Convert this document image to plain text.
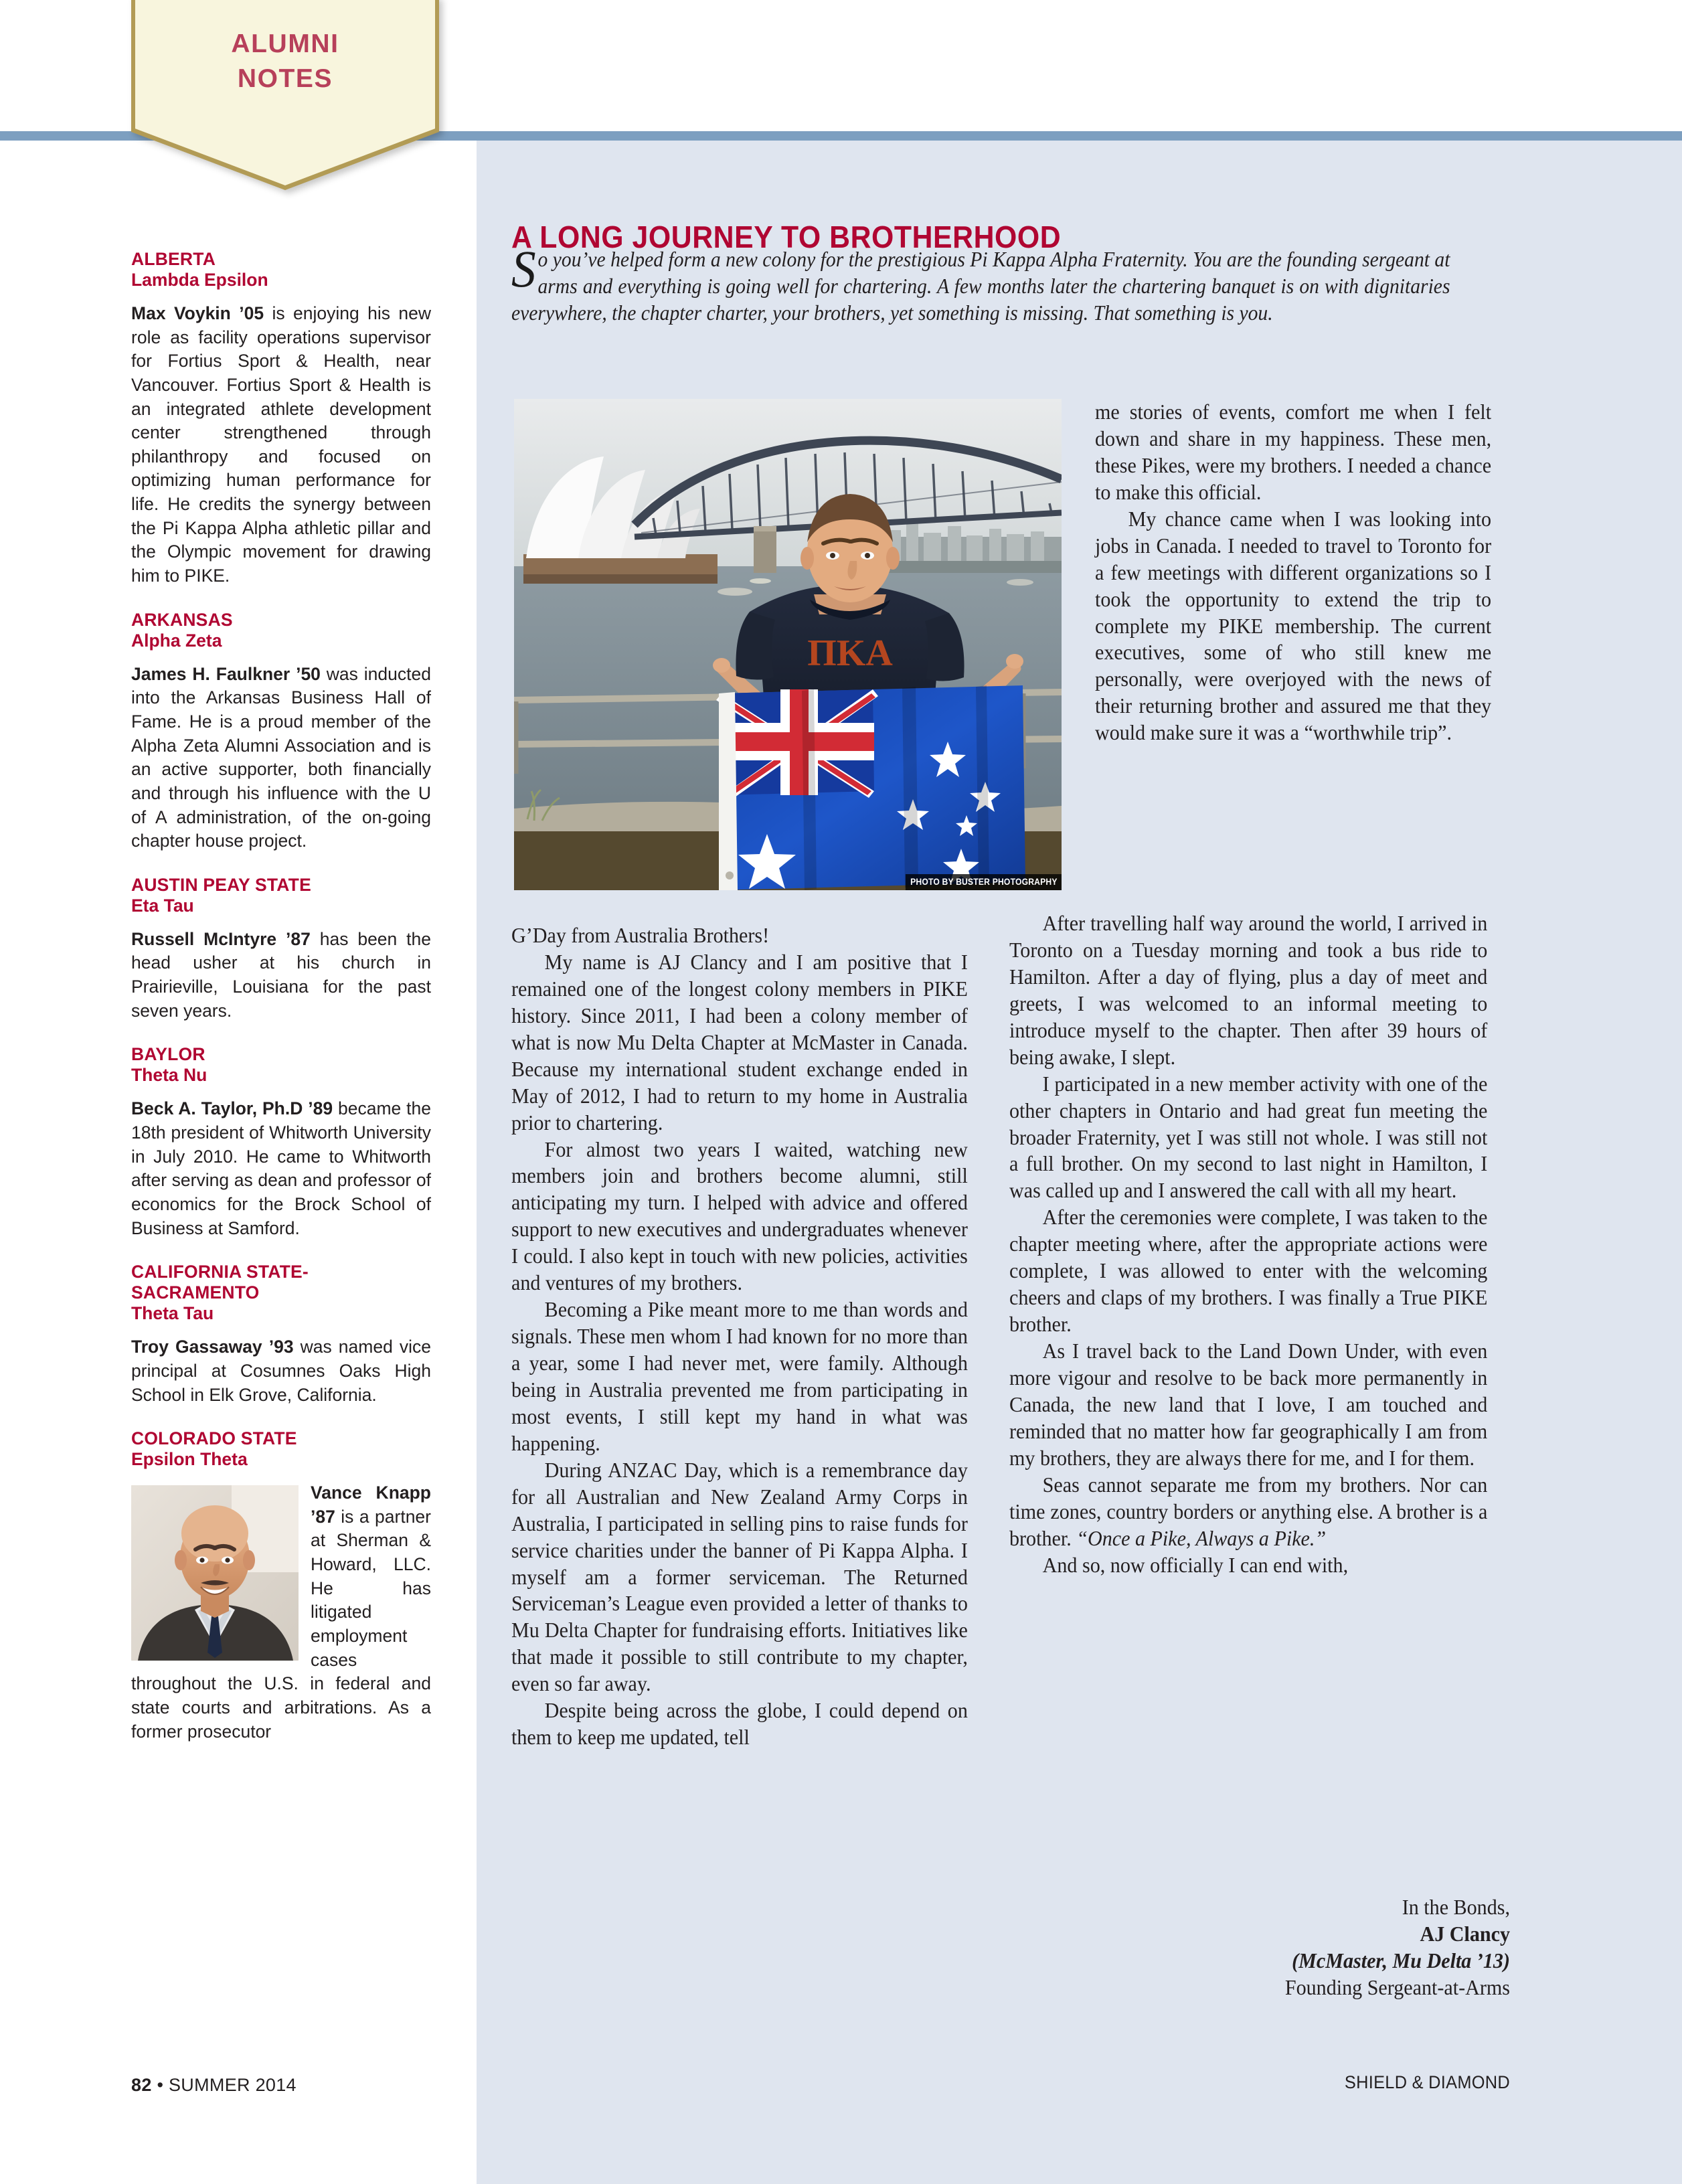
ALUMNI
NOTES
ALBERTA
Lambda Epsilon

Max Voykin ’05 is enjoying his new role as facility operations supervisor for Fortius Sport & Health, near Vancouver. Fortius Sport & Health is an integrated athlete development center strengthened through philanthropy and focused on optimizing human performance for life. He credits the synergy between the Pi Kappa Alpha athletic pillar and the Olympic movement for drawing him to PIKE.

ARKANSAS
Alpha Zeta

James H. Faulkner ’50 was inducted into the Arkansas Business Hall of Fame. He is a proud member of the Alpha Zeta Alumni Association and is an active supporter, both financially and through his influence with the U of A administration, of the on-going chapter house project.

AUSTIN PEAY STATE
Eta Tau

Russell McIntyre ’87 has been the head usher at his church in Prairieville, Louisiana for the past seven years.

BAYLOR
Theta Nu

Beck A. Taylor, Ph.D ’89 became the 18th president of Whitworth University in July 2010. He came to Whitworth after serving as dean and professor of economics for the Brock School of Business at Samford.

CALIFORNIA STATE-SACRAMENTO
Theta Tau

Troy Gassaway ’93 was named vice principal at Cosumnes Oaks High School in Elk Grove, California.

COLORADO STATE
Epsilon Theta

Vance Knapp ’87 is a partner at Sherman & Howard, LLC. He has litigated employment cases throughout the U.S. in federal and state courts and arbitrations. As a former prosecutor

82 • SUMMER 2014
A LONG JOURNEY TO BROTHERHOOD
So you’ve helped form a new colony for the prestigious Pi Kappa Alpha Fraternity. You are the founding sergeant at arms and everything is going well for chartering. A few months later the chartering banquet is on with dignitaries everywhere, the chapter charter, your brothers, yet something is missing. That something is you.
ΠΚΑ
PHOTO BY BUSTER PHOTOGRAPHY

G’Day from Australia Brothers!

My name is AJ Clancy and I am positive that I remained one of the longest colony members in PIKE history. Since 2011, I had been a colony member of what is now Mu Delta Chapter at McMaster in Canada. Because my international student exchange ended in May of 2012, I had to return to my home in Australia prior to chartering.

For almost two years I waited, watching new members join and brothers become alumni, still anticipating my turn. I helped with advice and offered support to new executives and undergraduates whenever I could. I also kept in touch with new policies, activities and ventures of my brothers.

Becoming a Pike meant more to me than words and signals. These men whom I had known for no more than a year, some I had never met, were family. Although being in Australia prevented me from participating in most events, I still kept my hand in what was happening.

During ANZAC Day, which is a remembrance day for all Australian and New Zealand Army Corps in Australia, I participated in selling pins to raise funds for service charities under the banner of Pi Kappa Alpha. I myself am a former serviceman. The Returned Serviceman’s League even provided a letter of thanks to Mu Delta Chapter for fundraising efforts. Initiatives like that made it possible to still contribute to my chapter, even so far away.

Despite being across the globe, I could depend on them to keep me updated, tell

me stories of events, comfort me when I felt down and share in my happiness. These men, these Pikes, were my brothers. I needed a chance to make this official.

My chance came when I was looking into jobs in Canada. I needed to travel to Toronto for a few meetings with different organizations so I took the opportunity to extend the trip to complete my PIKE membership. The current executives, some of who still knew me personally, were overjoyed with the news of their returning brother and assured me that they would make sure it was a “worthwhile trip”.

After travelling half way around the world, I arrived in Toronto on a Tuesday morning and took a bus ride to Hamilton. After a day of flying, plus a day of meet and greets, I was welcomed to an informal meeting to introduce myself to the chapter. Then after 39 hours of being awake, I slept.

I participated in a new member activity with one of the other chapters in Ontario and had great fun meeting the broader Fraternity, yet I was still not whole. I was still not a full brother. On my second to last night in Hamilton, I was called up and I answered the call with all my heart.

After the ceremonies were complete, I was taken to the chapter meeting where, after the appropriate actions were complete, I was allowed to enter with the welcoming cheers and claps of my brothers. I was finally a True PIKE brother.

As I travel back to the Land Down Under, with even more vigour and resolve to be back more permanently in Canada, the new land that I love, I am touched and reminded that no matter how far geographically I am from my brothers, they are always there for me, and I for them.

Seas cannot separate me from my brothers. Nor can time zones, country borders or anything else. A brother is a brother. “Once a Pike, Always a Pike.”

And so, now officially I can end with,

In the Bonds,
AJ Clancy
(McMaster, Mu Delta ’13)
Founding Sergeant-at-Arms
SHIELD & DIAMOND
